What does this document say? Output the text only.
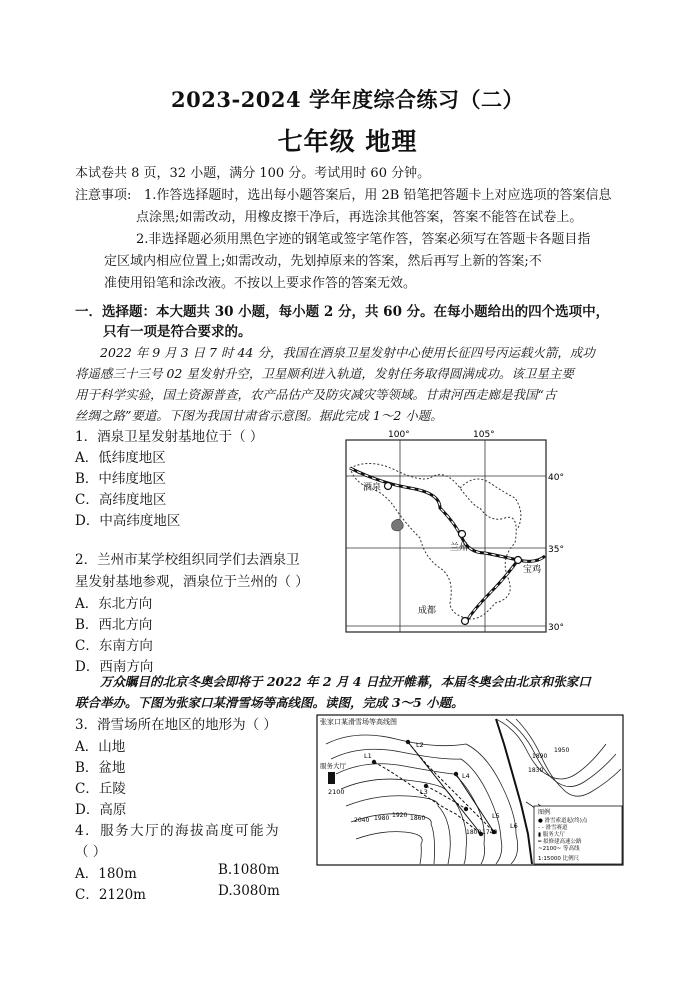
2023-2024 学年度综合练习（二）
七年级 地理
本试卷共 8 页，32 小题，满分 100 分。考试用时 60 分钟。
注意事项: 1.作答选择题时，选出每小题答案后，用 2B 铅笔把答题卡上对应选项的答案信息
点涂黑;如需改动，用橡皮擦干净后，再选涂其他答案，答案不能答在试卷上。
2.非选择题必须用黑色字迹的钢笔或签字笔作答，答案必须写在答题卡各题目指
定区域内相应位置上;如需改动，先划掉原来的答案，然后再写上新的答案;不
准使用铅笔和涂改液。不按以上要求作答的答案无效。
一．选择题：本大题共 30 小题，每小题 2 分，共 60 分。在每小题给出的四个选项中，
只有一项是符合要求的。
2022 年 9 月 3 日 7 时 44 分，我国在酒泉卫星发射中心使用长征四号丙运载火箭，成功
将遥感三十三号 02 星发射升空，卫星顺利进入轨道，发射任务取得圆满成功。该卫星主要
用于科学实验，国土资源普查，农产品估产及防灾减灾等领域。甘肃河西走廊是我国“古
丝绸之路”要道。下图为我国甘肃省示意图。据此完成 1～2 小题。
1．酒泉卫星发射基地位于（ ）
A．低纬度地区
B．中纬度地区
C．高纬度地区
D．中高纬度地区
2．兰州市某学校组织同学们去酒泉卫
星发射基地参观，酒泉位于兰州的（ ）
A．东北方向
B．西北方向
C．东南方向
D．西南方向
酒泉
兰州
宝鸡
成都
100°	105°
40°
35°
30°
万众瞩目的北京冬奥会即将于 2022 年 2 月 4 日拉开帷幕，本届冬奥会由北京和张家口
联合举办。下图为张家口某滑雪场等高线图。读图，完成 3～5 小题。
3．滑雪场所在地区的地形为（ ）
A．山地
B．盆地
C．丘陵
D．高原
4．服务大厅的海拔高度可能为
（ ）
A．180m	B.1080m
C．2120m	D.3080m
张家口某滑雪场等高线图
服务大厅
2100
2040 1980 1920 1860
1800 1740
1890
1950
1830
L1
L2
L3
L4
L5
L6
图例
● 滑雪索道起(终)点
- - 滑雪赛道
▮ 服务大厅
━ 拟修建高速公路
~2100~ 等高线
1:15000 比例尺
